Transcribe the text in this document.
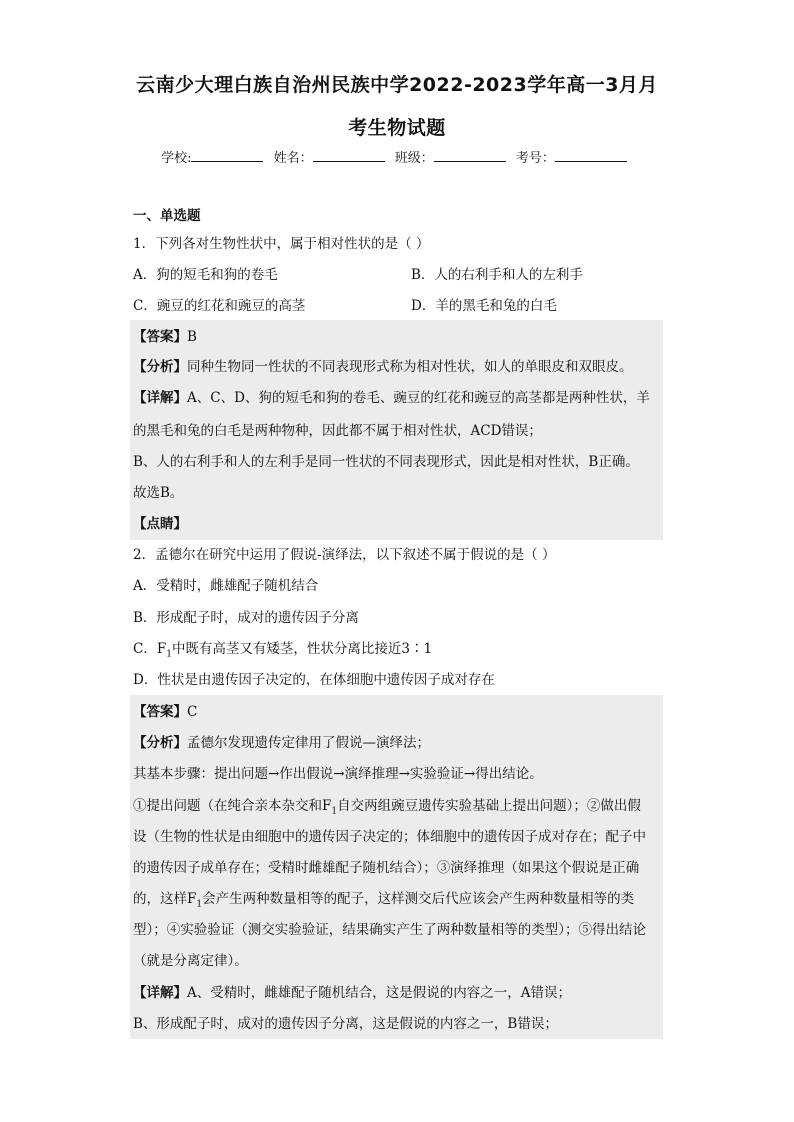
云南少大理白族自治州民族中学2022-2023学年高一3月月
考生物试题
学校:	姓名：	班级：	考号：
一、单选题
1．下列各对生物性状中，属于相对性状的是（ ）
A．狗的短毛和狗的卷毛	B．人的右利手和人的左利手
C．豌豆的红花和豌豆的高茎	D．羊的黑毛和兔的白毛
【答案】B
【分析】同种生物同一性状的不同表现形式称为相对性状，如人的单眼皮和双眼皮。
【详解】A、C、D、狗的短毛和狗的卷毛、豌豆的红花和豌豆的高茎都是两种性状，羊
的黑毛和兔的白毛是两种物种，因此都不属于相对性状，ACD错误；
B、人的右利手和人的左利手是同一性状的不同表现形式，因此是相对性状，B正确。
故选B。
【点睛】
2．孟德尔在研究中运用了假说-演绎法，以下叙述不属于假说的是（ ）
A．受精时，雌雄配子随机结合
B．形成配子时，成对的遗传因子分离
C．$F_1$中既有高茎又有矮茎，性状分离比接近3∶1
D．性状是由遗传因子决定的，在体细胞中遗传因子成对存在
【答案】C
【分析】孟德尔发现遗传定律用了假说—演绎法；
其基本步骤：提出问题→作出假说→演绎推理→实验验证→得出结论。
①提出问题（在纯合亲本杂交和$F_1$自交两组豌豆遗传实验基础上提出问题）；②做出假
设（生物的性状是由细胞中的遗传因子决定的；体细胞中的遗传因子成对存在；配子中
的遗传因子成单存在；受精时雌雄配子随机结合）；③演绎推理（如果这个假说是正确
的，这样$F_1$会产生两种数量相等的配子，这样测交后代应该会产生两种数量相等的类
型）；④实验验证（测交实验验证，结果确实产生了两种数量相等的类型）；⑤得出结论
（就是分离定律）。
【详解】A、受精时，雌雄配子随机结合，这是假说的内容之一，A错误；
B、形成配子时，成对的遗传因子分离，这是假说的内容之一，B错误；
